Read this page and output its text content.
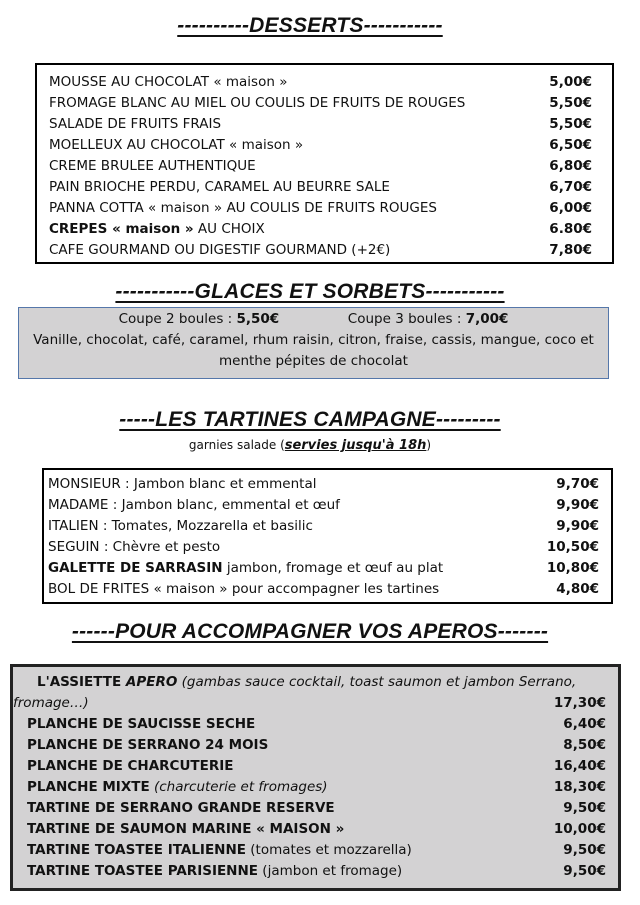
----------DESSERTS-----------
MOUSSE AU CHOCOLAT « maison »	5,00€
FROMAGE BLANC AU MIEL OU COULIS DE FRUITS DE ROUGES	5,50€
SALADE DE FRUITS FRAIS	5,50€
MOELLEUX AU CHOCOLAT « maison »	6,50€
CREME BRULEE AUTHENTIQUE	6,80€
PAIN BRIOCHE PERDU, CARAMEL AU BEURRE SALE	6,70€
PANNA COTTA « maison » AU COULIS DE FRUITS ROUGES	6,00€
CREPES « maison » AU CHOIX	6.80€
CAFE GOURMAND OU DIGESTIF GOURMAND (+2€)	7,80€
-----------GLACES ET SORBETS-----------
Coupe 2 boules : 5,50€	Coupe 3 boules : 7,00€
Vanille, chocolat, café, caramel, rhum raisin, citron, fraise, cassis, mangue, coco et menthe pépites de chocolat
-----LES TARTINES CAMPAGNE---------
garnies salade (servies jusqu'à 18h)
MONSIEUR : Jambon blanc et emmental	9,70€
MADAME : Jambon blanc, emmental et œuf	9,90€
ITALIEN : Tomates, Mozzarella et basilic	9,90€
SEGUIN : Chèvre et pesto	10,50€
GALETTE DE SARRASIN jambon, fromage et œuf au plat	10,80€
BOL DE FRITES « maison » pour accompagner les tartines	4,80€
------POUR ACCOMPAGNER VOS APEROS-------
L'ASSIETTE APERO (gambas sauce cocktail, toast saumon et jambon Serrano,
fromage…)	17,30€
PLANCHE DE SAUCISSE SECHE	6,40€
PLANCHE DE SERRANO 24 MOIS	8,50€
PLANCHE DE CHARCUTERIE	16,40€
PLANCHE MIXTE (charcuterie et fromages)	18,30€
TARTINE DE SERRANO GRANDE RESERVE	9,50€
TARTINE DE SAUMON MARINE « MAISON »	10,00€
TARTINE TOASTEE ITALIENNE (tomates et mozzarella)	9,50€
TARTINE TOASTEE PARISIENNE (jambon et fromage)	9,50€
